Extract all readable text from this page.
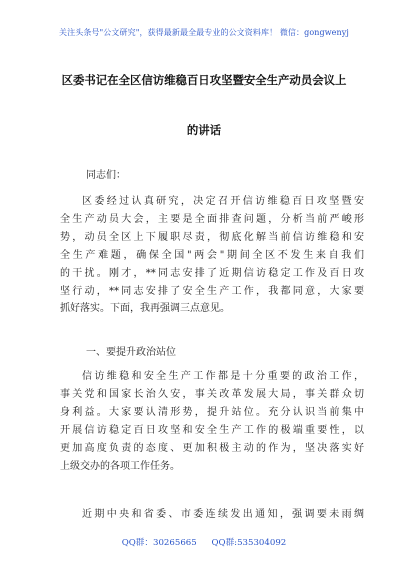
关注头条号"公文研究"，获得最新最全最专业的公文资料库！ 微信：gongwenyj
区委书记在全区信访维稳百日攻坚暨安全生产动员会议上
的讲话
同志们：
区委经过认真研究，决定召开信访维稳百日攻坚暨安
全生产动员大会，主要是全面排查问题，分析当前严峻形
势，动员全区上下履职尽责，彻底化解当前信访维稳和安
全生产难题，确保全国"两会"期间全区不发生来自我们
的干扰。刚才，**同志安排了近期信访稳定工作及百日攻
坚行动，**同志安排了安全生产工作，我都同意，大家要
抓好落实。下面，我再强调三点意见。
一、要提升政治站位
信访维稳和安全生产工作都是十分重要的政治工作，
事关党和国家长治久安，事关改革发展大局，事关群众切
身利益。大家要认清形势，提升站位。充分认识当前集中
开展信访稳定百日攻坚和安全生产工作的极端重要性，以
更加高度负责的态度、更加积极主动的作为，坚决落实好
上级交办的各项工作任务。
近期中央和省委、市委连续发出通知，强调要未雨绸
QQ群：30265665 QQ群:535304092
